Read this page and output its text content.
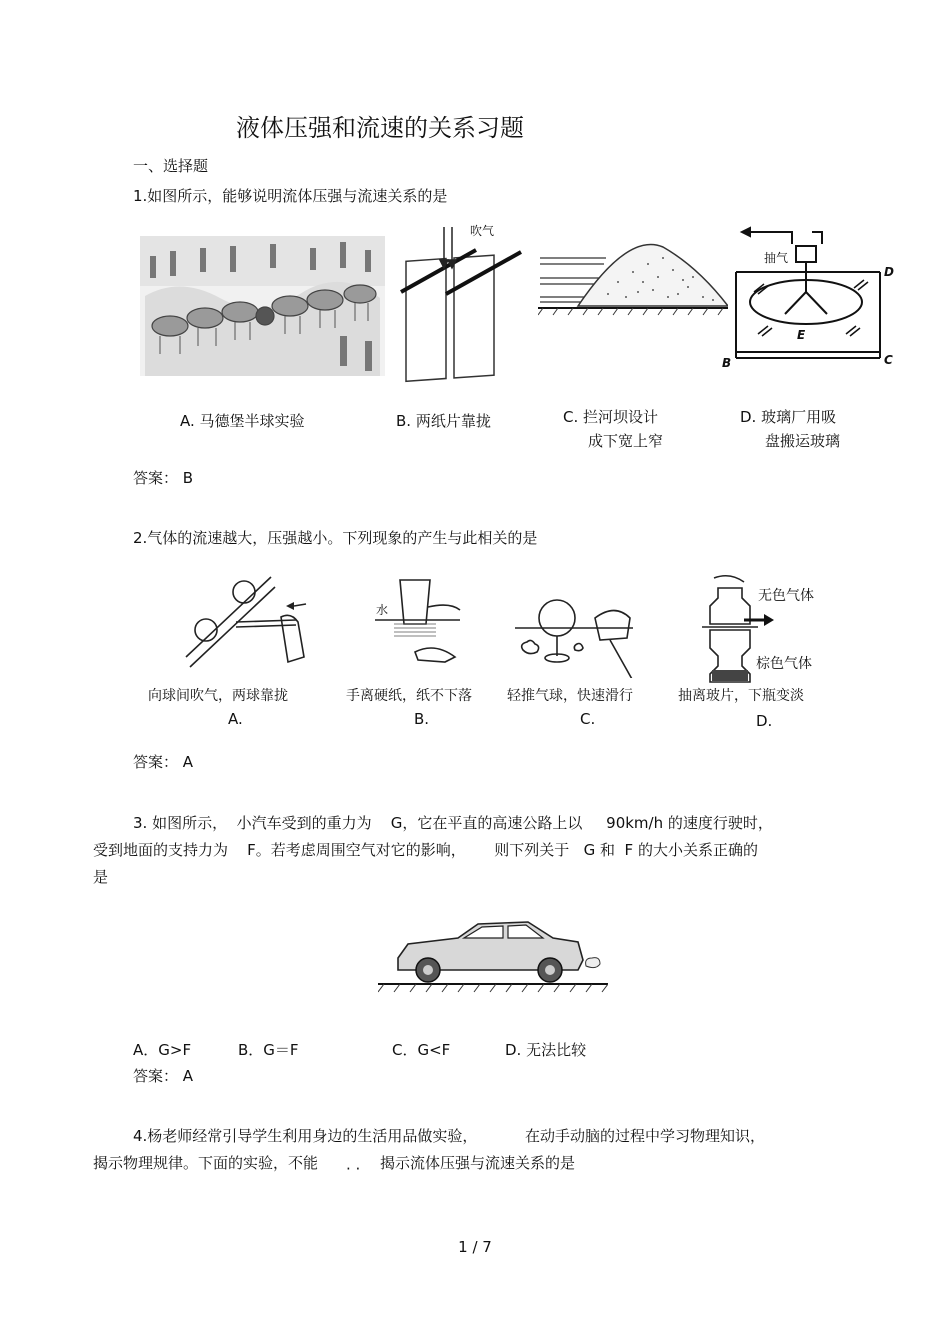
液体压强和流速的关系习题
一、选择题
1.如图所示，能够说明流体压强与流速关系的是
吹气
抽气
D
B	C
E
A. 马德堡半球实验	B. 两纸片靠拢	C. 拦河坝设计
成下宽上窄
D. 玻璃厂用吸
盘搬运玻璃
答案： B
2.气体的流速越大，压强越小。下列现象的产生与此相关的是
水
无色气体
棕色气体
向球间吹气，两球靠拢	手离硬纸，纸不下落	轻推气球，快速滑行	抽离玻片，下瓶变淡
A.	B.	C.	D.
答案： A
3. 如图所示，  小汽车受到的重力为    G，它在平直的高速公路上以     90km/h 的速度行驶时，
受到地面的支持力为    F。若考虑周围空气对它的影响，      则下列关于   G 和  F 的大小关系正确的
是
A．G>F	B．G＝F	C．G<F	D. 无法比较
答案： A
4.杨老师经常引导学生利用身边的生活用品做实验，          在动手动脑的过程中学习物理知识，
揭示物理规律。下面的实验，不能 · · 揭示流体压强与流速关系的是
1 / 7
